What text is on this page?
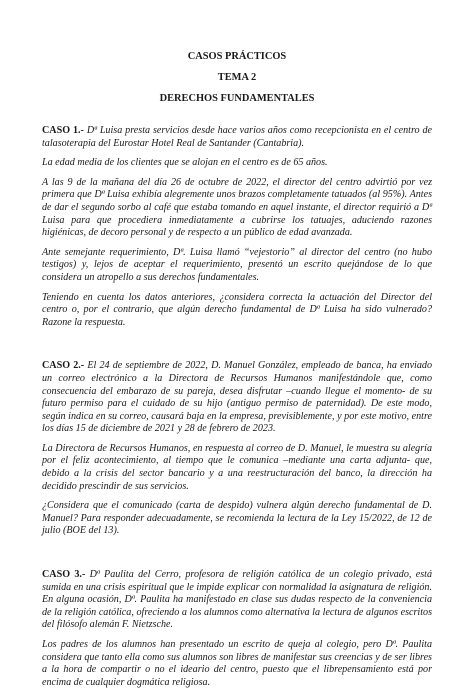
CASOS PRÁCTICOS
TEMA 2
DERECHOS FUNDAMENTALES

CASO 1.- Dª Luisa presta servicios desde hace varios años como recepcionista en el centro de talasoterapia del Eurostar Hotel Real de Santander (Cantabria).

La edad media de los clientes que se alojan en el centro es de 65 años.

A las 9 de la mañana del día 26 de octubre de 2022, el director del centro advirtió por vez primera que Dª Luisa exhibía alegremente unos brazos completamente tatuados (al 95%). Antes de dar el segundo sorbo al café que estaba tomando en aquel instante, el director requirió a Dª Luisa para que procediera inmediatamente a cubrirse los tatuajes, aduciendo razones higiénicas, de decoro personal y de respecto a un público de edad avanzada.

Ante semejante requerimiento, Dª. Luisa llamó “vejestorio” al director del centro (no hubo testigos) y, lejos de aceptar el requerimiento, presentó un escrito quejándose de lo que considera un atropello a sus derechos fundamentales.

Teniendo en cuenta los datos anteriores, ¿considera correcta la actuación del Director del centro o, por el contrario, que algún derecho fundamental de Dª Luisa ha sido vulnerado? Razone la respuesta.

CASO 2.- El 24 de septiembre de 2022, D. Manuel González, empleado de banca, ha enviado un correo electrónico a la Directora de Recursos Humanos manifestándole que, como consecuencia del embarazo de su pareja, desea disfrutar –cuando llegue el momento- de su futuro permiso para el cuidado de su hijo (antiguo permiso de paternidad). De este modo, según indica en su correo, causará baja en la empresa, previsiblemente, y por este motivo, entre los días 15 de diciembre de 2021 y 28 de febrero de 2023.

La Directora de Recursos Humanos, en respuesta al correo de D. Manuel, le muestra su alegría por el feliz acontecimiento, al tiempo que le comunica –mediante una carta adjunta- que, debido a la crisis del sector bancario y a una reestructuración del banco, la dirección ha decidido prescindir de sus servicios.

¿Considera que el comunicado (carta de despido) vulnera algún derecho fundamental de D. Manuel? Para responder adecuadamente, se recomienda la lectura de la Ley 15/2022, de 12 de julio (BOE del 13).

CASO 3.- Dª Paulita del Cerro, profesora de religión católica de un colegio privado, está sumida en una crisis espiritual que le impide explicar con normalidad la asignatura de religión. En alguna ocasión, Dª. Paulita ha manifestado en clase sus dudas respecto de la conveniencia de la religión católica, ofreciendo a los alumnos como alternativa la lectura de algunos escritos del filósofo alemán F. Nietzsche.

Los padres de los alumnos han presentado un escrito de queja al colegio, pero Dª. Paulita considera que tanto ella como sus alumnos son libres de manifestar sus creencias y de ser libres a la hora de compartir o no el ideario del centro, puesto que el librepensamiento está por encima de cualquier dogmática religiosa.
